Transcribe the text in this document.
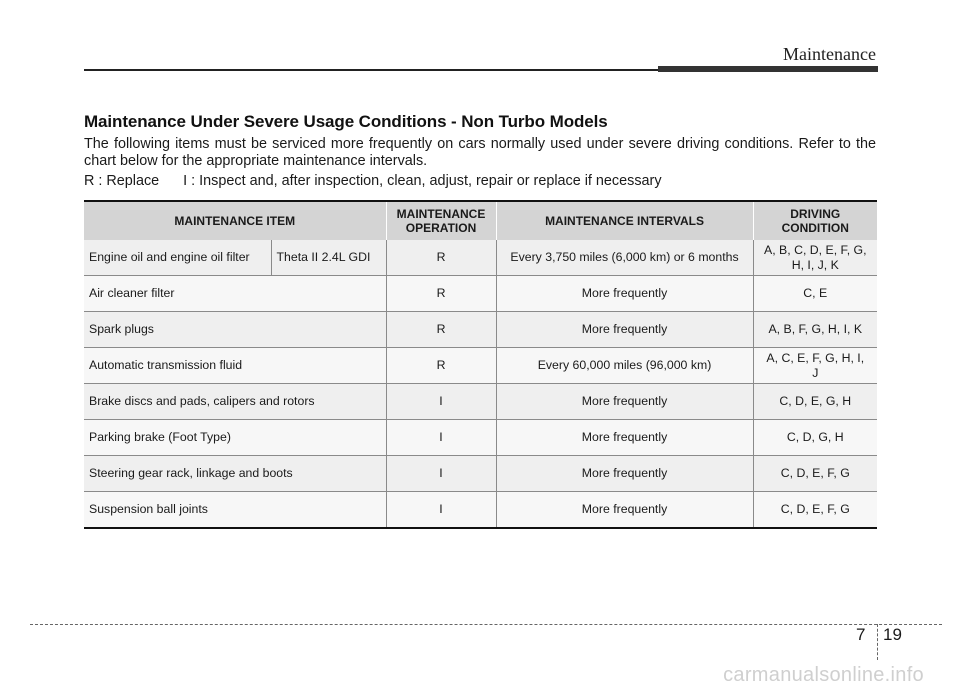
Maintenance
Maintenance Under Severe Usage Conditions - Non Turbo Models

The following items must be serviced more frequently on cars normally used under severe driving conditions. Refer to the chart below for the appropriate maintenance intervals.

R : Replace      I : Inspect and, after inspection, clean, adjust, repair or replace if necessary
MAINTENANCE ITEM		MAINTENANCE OPERATION	MAINTENANCE INTERVALS	DRIVING CONDITION
Engine oil and engine oil filter	Theta II 2.4L GDI	R	Every 3,750 miles (6,000 km) or 6 months	A, B, C, D, E, F, G, H, I, J, K
Air cleaner filter		R	More frequently	C, E
Spark plugs		R	More frequently	A, B, F, G, H, I, K
Automatic transmission fluid		R	Every 60,000 miles (96,000 km)	A, C, E, F, G, H, I, J
Brake discs and pads, calipers and rotors		I	More frequently	C, D, E, G, H
Parking brake (Foot Type)		I	More frequently	C, D, G, H
Steering gear rack, linkage and boots		I	More frequently	C, D, E, F, G
Suspension ball joints		I	More frequently	C, D, E, F, G
7 19
carmanualsonline.info
